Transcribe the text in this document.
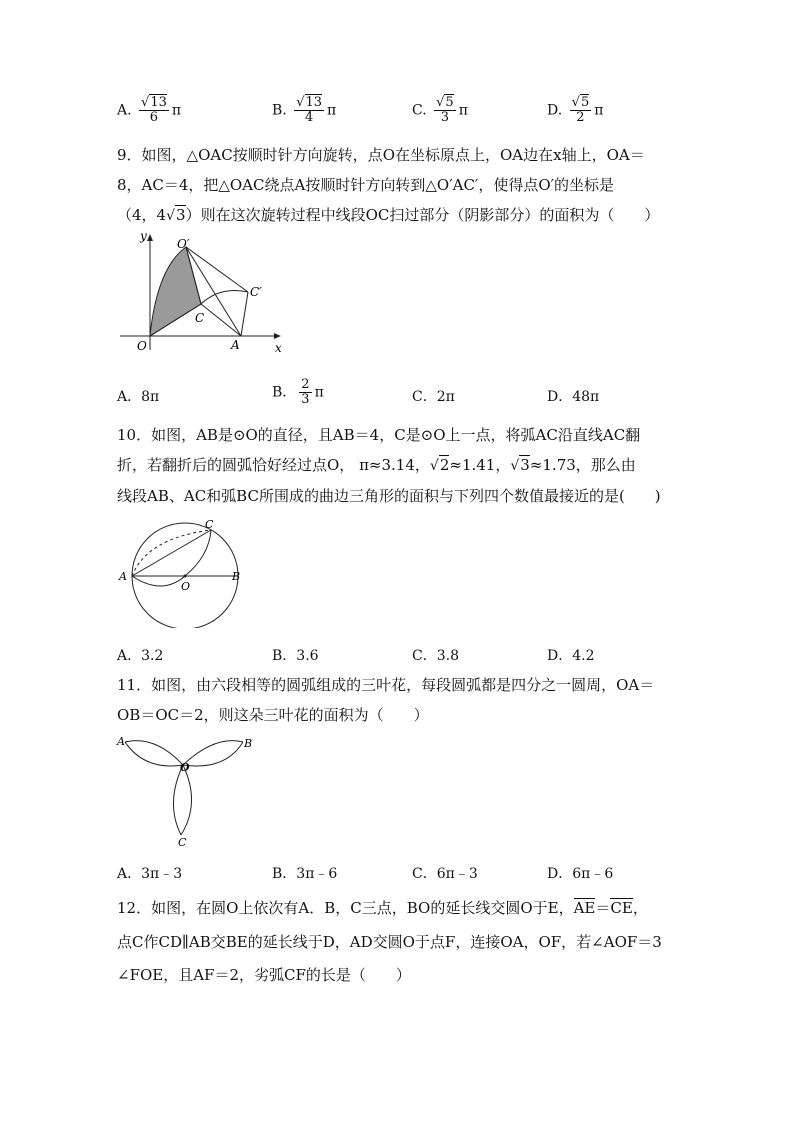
A. $\frac{√13}{6}$ π	B. $\frac{√13}{4}$ π	C. $\frac{√5}{3}$ π	D. $\frac{√5}{2}$ π
9．如图，△OAC按顺时针方向旋转，点O在坐标原点上，OA边在x轴上，OA＝
8，AC＝4，把△OAC绕点A按顺时针方向转到△O′AC′，使得点O′的坐标是
（4，4√3）则在这次旋转过程中线段OC扫过部分（阴影部分）的面积为（　　）
y
x
O
O′
C
C′
A
A．8π	B． $\frac{2}{3}$ π	C．2π	D．48π
10．如图，AB是⊙O的直径，且AB＝4，C是⊙O上一点，将弧AC沿直线AC翻
折，若翻折后的圆弧恰好经过点O， π≈3.14，√2≈1.41，√3≈1.73，那么由
线段AB、AC和弧BC所围成的曲边三角形的面积与下列四个数值最接近的是(　　)
A
O
B
C
A．3.2	B．3.6	C．3.8	D．4.2
11．如图，由六段相等的圆弧组成的三叶花，每段圆弧都是四分之一圆周，OA＝
OB＝OC＝2，则这朵三叶花的面积为（　　）
A	B
O
C
A．3π﹣3	B．3π﹣6	C．6π﹣3	D．6π﹣6
12．如图，在圆O上依次有A．B，C三点，BO的延长线交圆O于E，AE＝CE，
点C作CD∥AB交BE的延长线于D，AD交圆O于点F，连接OA，OF，若∠AOF＝3
∠FOE，且AF＝2，劣弧CF的长是（　　）
